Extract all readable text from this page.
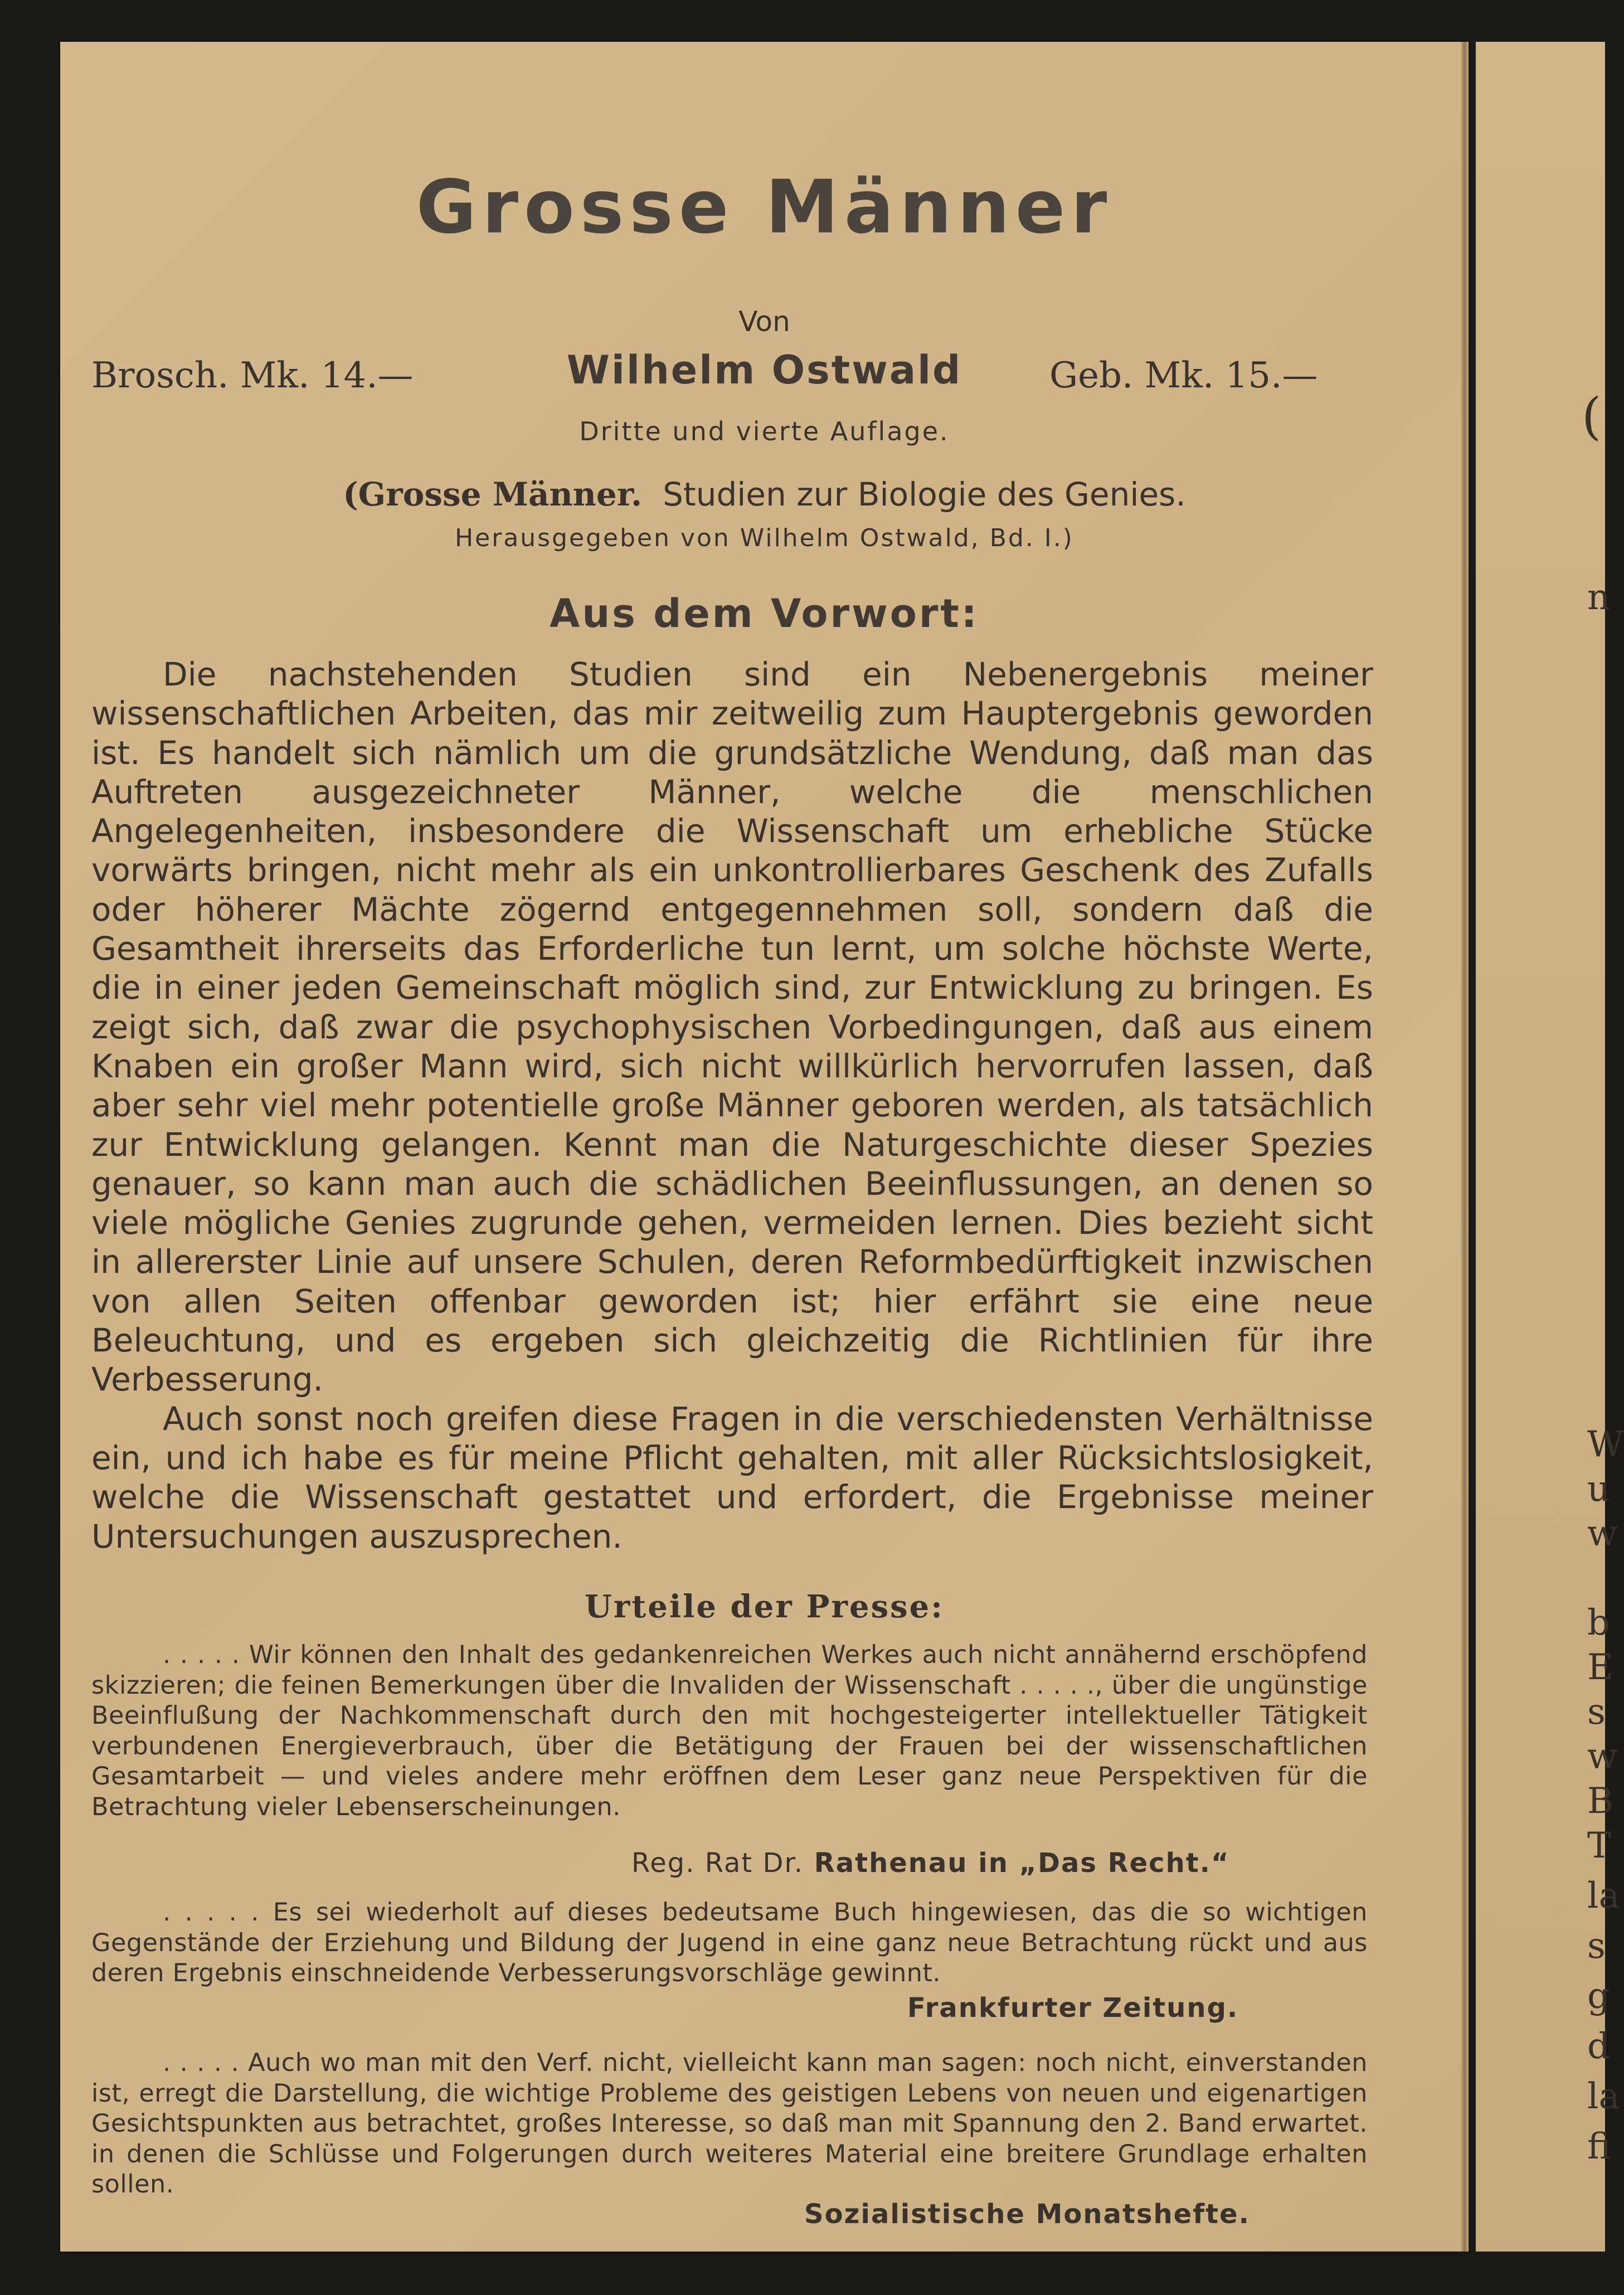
Grosse Männer
Von
Brosch. Mk. 14.—	Wilhelm Ostwald	Geb. Mk. 15.—
Dritte und vierte Auflage.
(Grosse Männer. Studien zur Biologie des Genies.
Herausgegeben von Wilhelm Ostwald, Bd. I.)
Aus dem Vorwort:

Die nachstehenden Studien sind ein Nebenergebnis meiner wissenschaftlichen Arbeiten, das mir zeitweilig zum Hauptergebnis geworden ist. Es handelt sich nämlich um die grundsätzliche Wendung, daß man das Auftreten ausgezeichneter Männer, welche die menschlichen Angelegenheiten, insbesondere die Wissenschaft um erhebliche Stücke vorwärts bringen, nicht mehr als ein unkontrollierbares Geschenk des Zufalls oder höherer Mächte zögernd entgegennehmen soll, sondern daß die Gesamtheit ihrerseits das Erforderliche tun lernt, um solche höchste Werte, die in einer jeden Gemeinschaft möglich sind, zur Entwicklung zu bringen. Es zeigt sich, daß zwar die psychophysischen Vorbedingungen, daß aus einem Knaben ein großer Mann wird, sich nicht willkürlich hervorrufen lassen, daß aber sehr viel mehr potentielle große Männer geboren werden, als tatsächlich zur Entwicklung gelangen. Kennt man die Naturgeschichte dieser Spezies genauer, so kann man auch die schädlichen Beeinflussungen, an denen so viele mögliche Genies zugrunde gehen, vermeiden lernen. Dies bezieht sicht in allererster Linie auf unsere Schulen, deren Reformbedürftigkeit inzwischen von allen Seiten offenbar geworden ist; hier erfährt sie eine neue Beleuchtung, und es ergeben sich gleichzeitig die Richtlinien für ihre Verbesserung.

Auch sonst noch greifen diese Fragen in die verschiedensten Verhältnisse ein, und ich habe es für meine Pflicht gehalten, mit aller Rücksichtslosigkeit, welche die Wissenschaft gestattet und erfordert, die Ergebnisse meiner Untersuchungen auszusprechen.

Urteile der Presse:

. . . . . Wir können den Inhalt des gedankenreichen Werkes auch nicht annähernd erschöpfend skizzieren; die feinen Bemerkungen über die Invaliden der Wissenschaft . . . . ., über die ungünstige Beeinflußung der Nachkommenschaft durch den mit hochgesteigerter intellektueller Tätigkeit verbundenen Energieverbrauch, über die Betätigung der Frauen bei der wissenschaftlichen Gesamtarbeit — und vieles andere mehr eröffnen dem Leser ganz neue Perspektiven für die Betrachtung vieler Lebenserscheinungen.

Reg. Rat Dr. Rathenau in „Das Recht.“

. . . . . Es sei wiederholt auf dieses bedeutsame Buch hingewiesen, das die so wichtigen Gegenstände der Erziehung und Bildung der Jugend in eine ganz neue Betrachtung rückt und aus deren Ergebnis einschneidende Verbesserungsvorschläge gewinnt.

Frankfurter Zeitung.

. . . . . Auch wo man mit den Verf. nicht, vielleicht kann man sagen: noch nicht, einverstanden ist, erregt die Darstellung, die wichtige Probleme des geistigen Lebens von neuen und eigenartigen Gesichtspunkten aus betrachtet, großes Interesse, so daß man mit Spannung den 2. Band erwartet. in denen die Schlüsse und Folgerungen durch weiteres Material eine breitere Grundlage erhalten sollen.

Sozialistische Monatshefte.
(
n
W
u
w
b
E
s
w
B
T
la
s
g
d
la
fi
